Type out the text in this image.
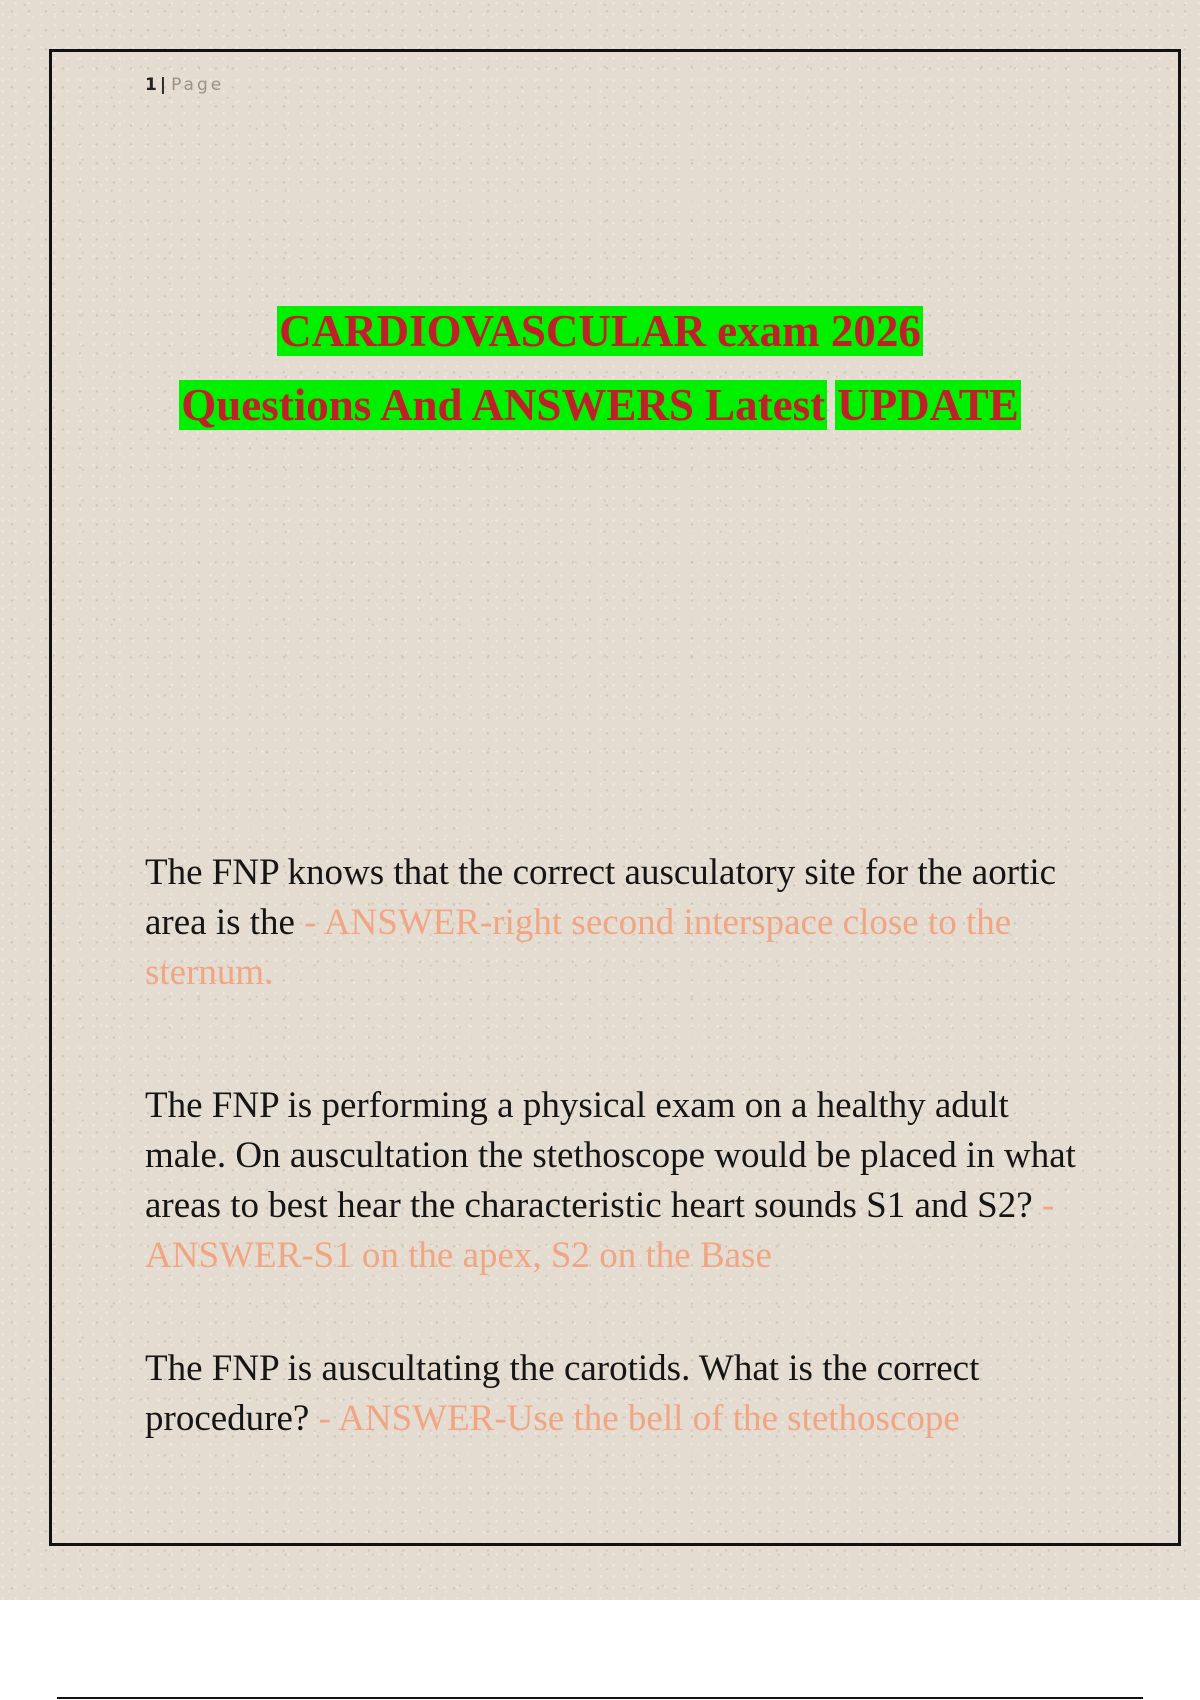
1 | Page
CARDIOVASCULAR exam 2026
Questions And ANSWERS Latest UPDATE
The FNP knows that the correct ausculatory site for the aortic area is the - ANSWER-right second interspace close to the sternum.
The FNP is performing a physical exam on a healthy adult male. On auscultation the stethoscope would be placed in what areas to best hear the characteristic heart sounds S1 and S2? - ANSWER-S1 on the apex, S2 on the Base
The FNP is auscultating the carotids. What is the correct procedure? - ANSWER-Use the bell of the stethoscope
